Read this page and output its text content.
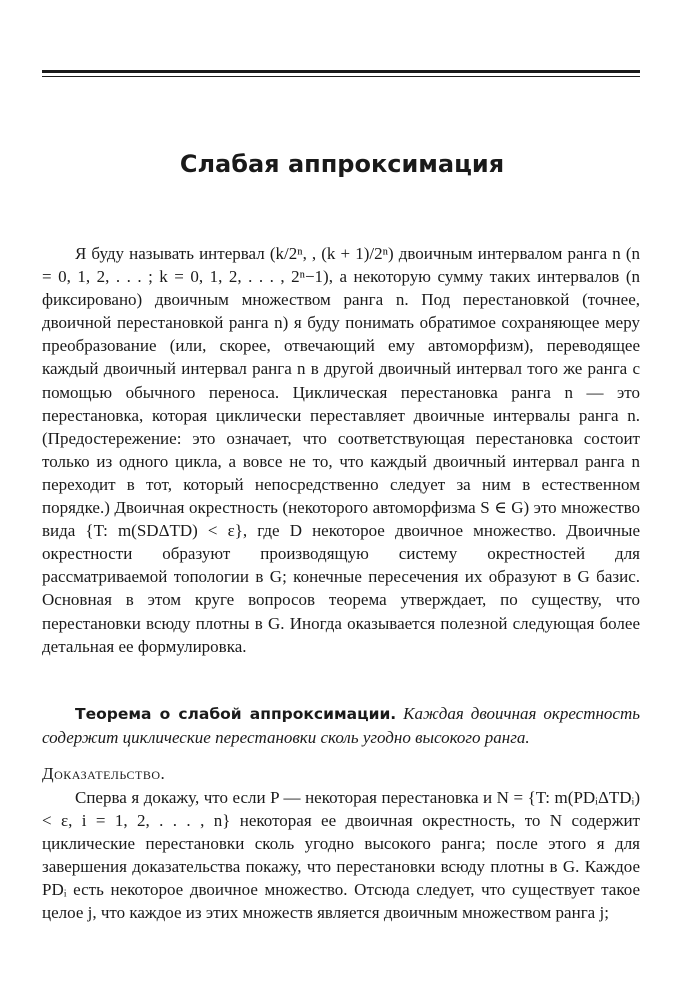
Слабая аппроксимация
Я буду называть интервал (k/2ⁿ, , (k + 1)/2ⁿ) двоичным интервалом ранга n (n = 0, 1, 2, . . . ; k = 0, 1, 2, . . . , 2ⁿ−1), а некоторую сумму таких интервалов (n фиксировано) двоичным множеством ранга n. Под перестановкой (точнее, двоичной перестановкой ранга n) я буду понимать обратимое сохраняющее меру преобразование (или, скорее, отвечающий ему автоморфизм), переводящее каждый двоичный интервал ранга n в другой двоичный интервал того же ранга с помощью обычного переноса. Циклическая перестановка ранга n — это перестановка, которая циклически переставляет двоичные интервалы ранга n. (Предостережение: это означает, что соответствующая перестановка состоит только из одного цикла, а вовсе не то, что каждый двоичный интервал ранга n переходит в тот, который непосредственно следует за ним в естественном порядке.) Двоичная окрестность (некоторого автоморфизма S ∈ G) это множество вида {T: m(SDΔTD) < ε}, где D некоторое двоичное множество. Двоичные окрестности образуют производящую систему окрестностей для рассматриваемой топологии в G; конечные пересечения их образуют в G базис. Основная в этом круге вопросов теорема утверждает, по существу, что перестановки всюду плотны в G. Иногда оказывается полезной следующая более детальная ее формулировка.
Теорема о слабой аппроксимации. Каждая двоичная окрестность содержит циклические перестановки сколь угодно высокого ранга.
Доказательство.
Сперва я докажу, что если P — некоторая перестановка и N = {T: m(PDᵢΔTDᵢ) < ε, i = 1, 2, . . . , n} некоторая ее двоичная окрестность, то N содержит циклические перестановки сколь угодно высокого ранга; после этого я для завершения доказательства покажу, что перестановки всюду плотны в G. Каждое PDᵢ есть некоторое двоичное множество. Отсюда следует, что существует такое целое j, что каждое из этих множеств является двоичным множеством ранга j;
